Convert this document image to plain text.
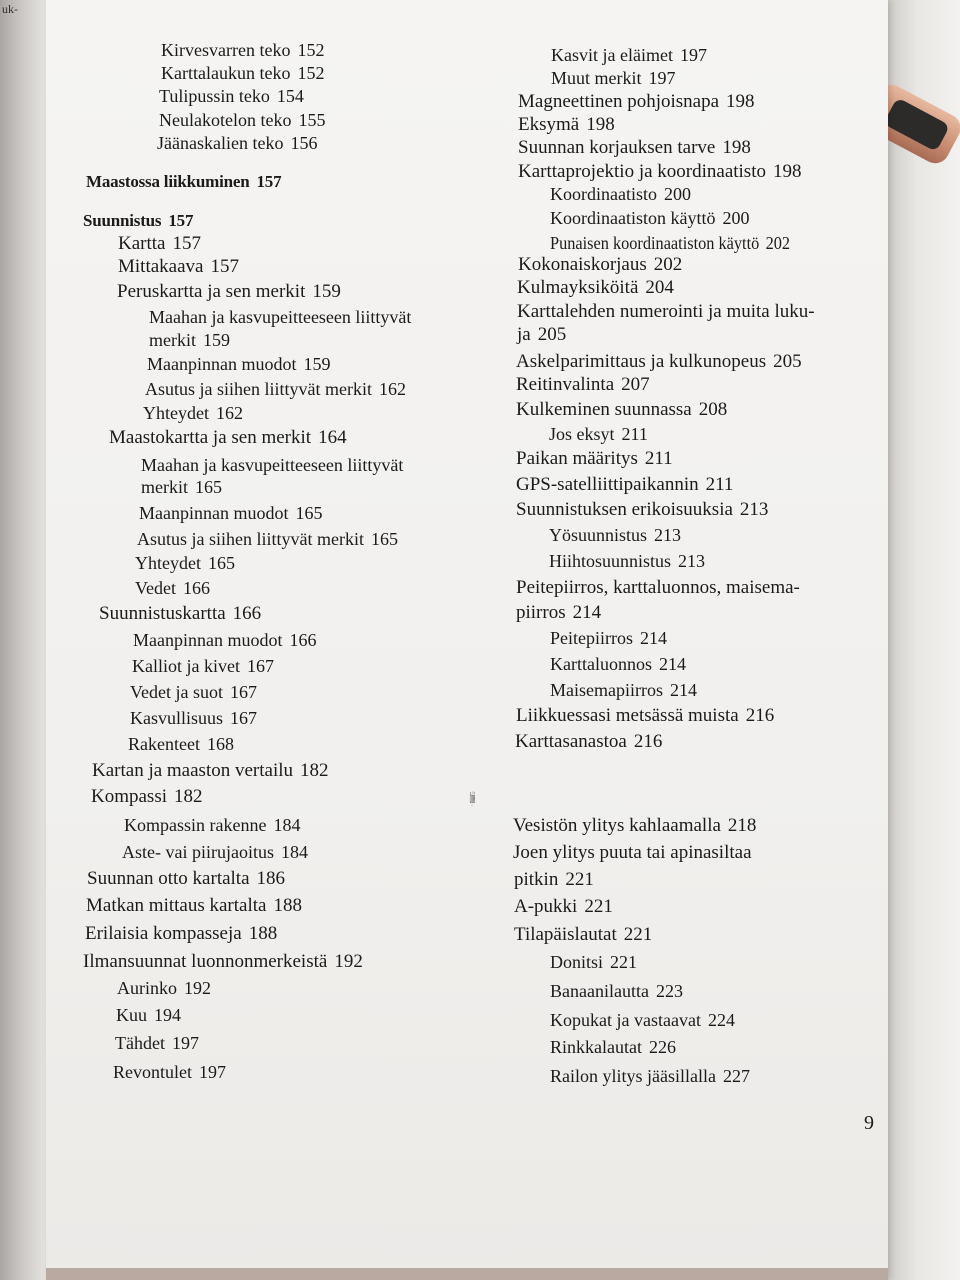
uk-
9
Kirvesvarren teko 152
Karttalaukun teko 152
Tulipussin teko 154
Neulakotelon teko 155
Jäänaskalien teko 156
Maastossa liikkuminen 157
Suunnistus 157
Kartta 157
Mittakaava 157
Peruskartta ja sen merkit 159
Maahan ja kasvupeitteeseen liittyvät
merkit 159
Maanpinnan muodot 159
Asutus ja siihen liittyvät merkit 162
Yhteydet 162
Maastokartta ja sen merkit 164
Maahan ja kasvupeitteeseen liittyvät
merkit 165
Maanpinnan muodot 165
Asutus ja siihen liittyvät merkit 165
Yhteydet 165
Vedet 166
Suunnistuskartta 166
Maanpinnan muodot 166
Kalliot ja kivet 167
Vedet ja suot 167
Kasvullisuus 167
Rakenteet 168
Kartan ja maaston vertailu 182
Kompassi 182
Kompassin rakenne 184
Aste- vai piirujaoitus 184
Suunnan otto kartalta 186
Matkan mittaus kartalta 188
Erilaisia kompasseja 188
Ilmansuunnat luonnonmerkeistä 192
Aurinko 192
Kuu 194
Tähdet 197
Revontulet 197
Kasvit ja eläimet 197
Muut merkit 197
Magneettinen pohjoisnapa 198
Eksymä 198
Suunnan korjauksen tarve 198
Karttaprojektio ja koordinaatisto 198
Koordinaatisto 200
Koordinaatiston käyttö 200
Punaisen koordinaatiston käyttö 202
Kokonaiskorjaus 202
Kulmayksiköitä 204
Karttalehden numerointi ja muita luku-
ja 205
Askelparimittaus ja kulkunopeus 205
Reitinvalinta 207
Kulkeminen suunnassa 208
Jos eksyt 211
Paikan määritys 211
GPS-satelliittipaikannin 211
Suunnistuksen erikoisuuksia 213
Yösuunnistus 213
Hiihtosuunnistus 213
Peitepiirros, karttaluonnos, maisema-
piirros 214
Peitepiirros 214
Karttaluonnos 214
Maisemapiirros 214
Liikkuessasi metsässä muista 216
Karttasanastoa 216
Vesistön ylitys218
Vesistön ylitys kahlaamalla 218
Joen ylitys puuta tai apinasiltaa
pitkin 221
A-pukki 221
Tilapäislautat 221
Donitsi 221
Banaanilautta 223
Kopukat ja vastaavat 224
Rinkkalautat 226
Railon ylitys jääsillalla 227
